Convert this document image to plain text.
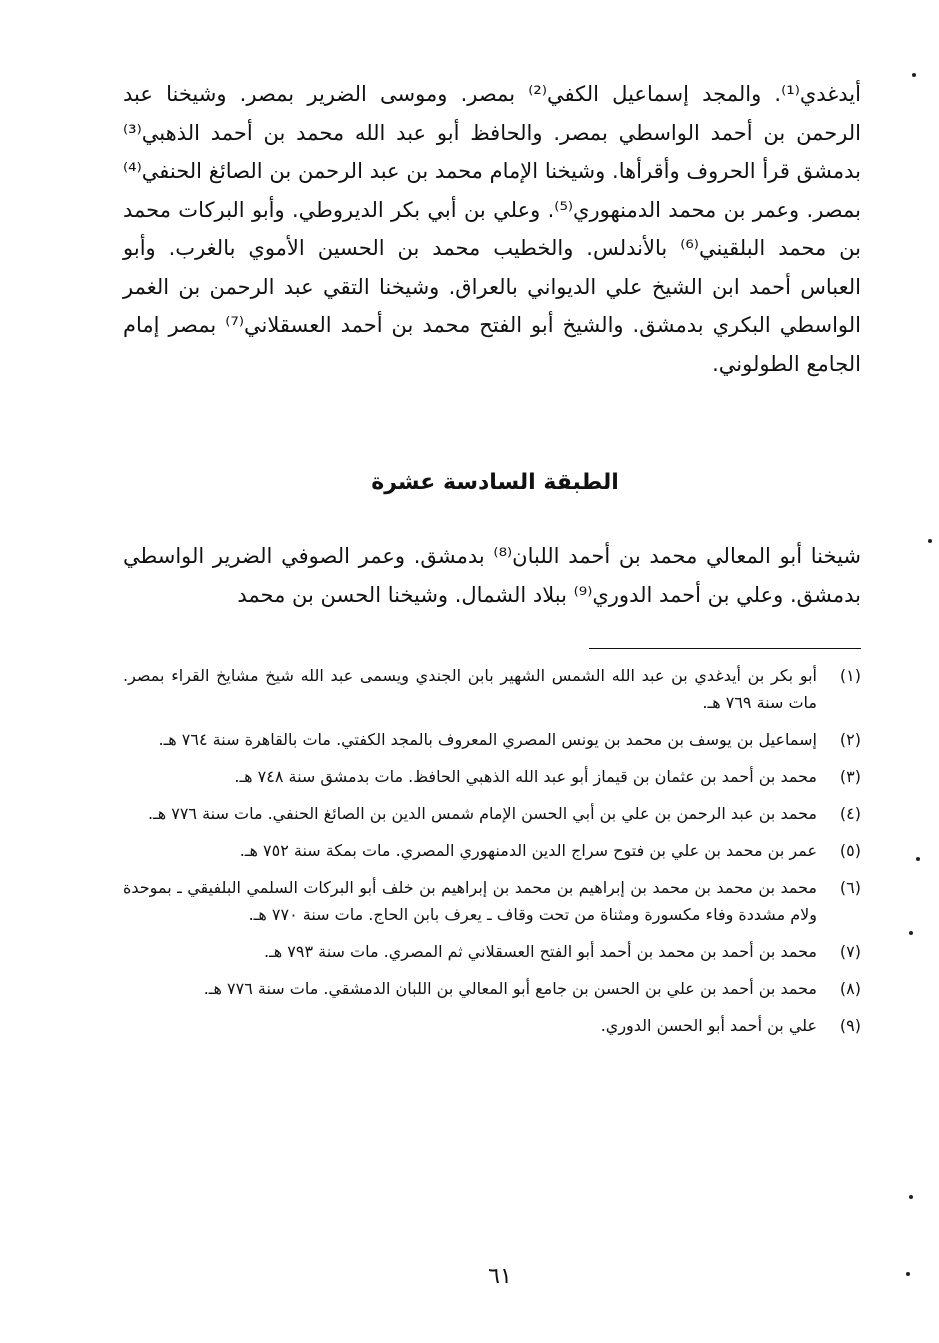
أيدغدي⁽¹⁾. والمجد إسماعيل الكفي⁽²⁾ بمصر. وموسى الضرير بمصر. وشيخنا عبد الرحمن بن أحمد الواسطي بمصر. والحافظ أبو عبد الله محمد بن أحمد الذهبي⁽³⁾ بدمشق قرأ الحروف وأقرأها. وشيخنا الإمام محمد بن عبد الرحمن بن الصائغ الحنفي⁽⁴⁾ بمصر. وعمر بن محمد الدمنهوري⁽⁵⁾. وعلي بن أبي بكر الديروطي. وأبو البركات محمد بن محمد البلقيني⁽⁶⁾ بالأندلس. والخطيب محمد بن الحسين الأموي بالغرب. وأبو العباس أحمد ابن الشيخ علي الديواني بالعراق. وشيخنا التقي عبد الرحمن بن الغمر الواسطي البكري بدمشق. والشيخ أبو الفتح محمد بن أحمد العسقلاني⁽⁷⁾ بمصر إمام الجامع الطولوني.

الطبقة السادسة عشرة

شيخنا أبو المعالي محمد بن أحمد اللبان⁽⁸⁾ بدمشق. وعمر الصوفي الضرير الواسطي بدمشق. وعلي بن أحمد الدوري⁽⁹⁾ ببلاد الشمال. وشيخنا الحسن بن محمد

(١)
أبو بكر بن أيدغدي بن عبد الله الشمس الشهير بابن الجندي ويسمى عبد الله شيخ مشايخ القراء بمصر. مات سنة ٧٦٩ هـ.
(٢)
إسماعيل بن يوسف بن محمد بن يونس المصري المعروف بالمجد الكفتي. مات بالقاهرة سنة ٧٦٤ هـ.
(٣)
محمد بن أحمد بن عثمان بن قيماز أبو عبد الله الذهبي الحافظ. مات بدمشق سنة ٧٤٨ هـ.
(٤)
محمد بن عبد الرحمن بن علي بن أبي الحسن الإمام شمس الدين بن الصائغ الحنفي. مات سنة ٧٧٦ هـ.
(٥)
عمر بن محمد بن علي بن فتوح سراج الدين الدمنهوري المصري. مات بمكة سنة ٧٥٢ هـ.
(٦)
محمد بن محمد بن محمد بن إبراهيم بن محمد بن إبراهيم بن خلف أبو البركات السلمي البلفيقي ـ بموحدة ولام مشددة وفاء مكسورة ومثناة من تحت وقاف ـ يعرف بابن الحاج. مات سنة ٧٧٠ هـ.
(٧)
محمد بن أحمد بن محمد بن أحمد أبو الفتح العسقلاني ثم المصري. مات سنة ٧٩٣ هـ.
(٨)
محمد بن أحمد بن علي بن الحسن بن جامع أبو المعالي بن اللبان الدمشقي. مات سنة ٧٧٦ هـ.
(٩)
علي بن أحمد أبو الحسن الدوري.
٦١
